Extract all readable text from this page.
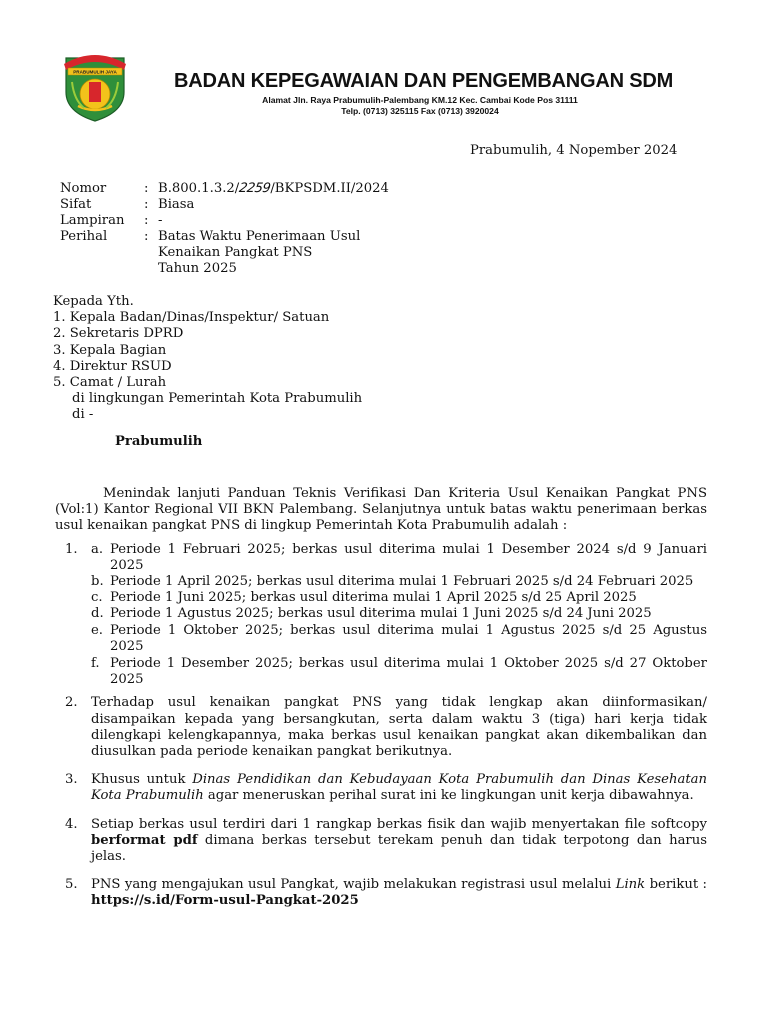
PRABUMULIH JAYA	BADAN KEPEGAWAIAN DAN PENGEMBANGAN SDM
Alamat Jln. Raya Prabumulih-Palembang KM.12 Kec. Cambai Kode Pos 31111
Telp. (0713) 325115 Fax (0713) 3920024
Prabumulih, 4 Nopember 2024
Nomor	: B.800.1.3.2/2259/BKPSDM.II/2024
Sifat	: Biasa
Lampiran	: -
Perihal	: Batas Waktu Penerimaan Usul
Kenaikan Pangkat PNS
Tahun 2025
Kepada Yth.
1. Kepala Badan/Dinas/Inspektur/ Satuan
2. Sekretaris DPRD
3. Kepala Bagian
4. Direktur RSUD
5. Camat / Lurah
di lingkungan Pemerintah Kota Prabumulih
di -
Prabumulih

Menindak lanjuti Panduan Teknis Verifikasi Dan Kriteria Usul Kenaikan Pangkat PNS (Vol:1) Kantor Regional VII BKN Palembang. Selanjutnya untuk batas waktu penerimaan berkas usul kenaikan pangkat PNS di lingkup Pemerintah Kota Prabumulih adalah :

1. a. Periode 1 Februari 2025; berkas usul diterima mulai 1 Desember 2024 s/d 9 Januari 2025
b. Periode 1 April 2025; berkas usul diterima mulai 1 Februari 2025 s/d 24 Februari 2025
c. Periode 1 Juni 2025; berkas usul diterima mulai 1 April 2025 s/d 25 April 2025
d. Periode 1 Agustus 2025; berkas usul diterima mulai 1 Juni 2025 s/d 24 Juni 2025
e. Periode 1 Oktober 2025; berkas usul diterima mulai 1 Agustus 2025 s/d 25 Agustus 2025
f. Periode 1 Desember 2025; berkas usul diterima mulai 1 Oktober 2025 s/d 27 Oktober 2025
2. Terhadap usul kenaikan pangkat PNS yang tidak lengkap akan diinformasikan/ disampaikan kepada yang bersangkutan, serta dalam waktu 3 (tiga) hari kerja tidak dilengkapi kelengkapannya, maka berkas usul kenaikan pangkat akan dikembalikan dan diusulkan pada periode kenaikan pangkat berikutnya.
3. Khusus untuk Dinas Pendidikan dan Kebudayaan Kota Prabumulih dan Dinas Kesehatan Kota Prabumulih agar meneruskan perihal surat ini ke lingkungan unit kerja dibawahnya.
4. Setiap berkas usul terdiri dari 1 rangkap berkas fisik dan wajib menyertakan file softcopy berformat pdf dimana berkas tersebut terekam penuh dan tidak terpotong dan harus jelas.
5. PNS yang mengajukan usul Pangkat, wajib melakukan registrasi usul melalui Link berikut : https://s.id/Form-usul-Pangkat-2025
